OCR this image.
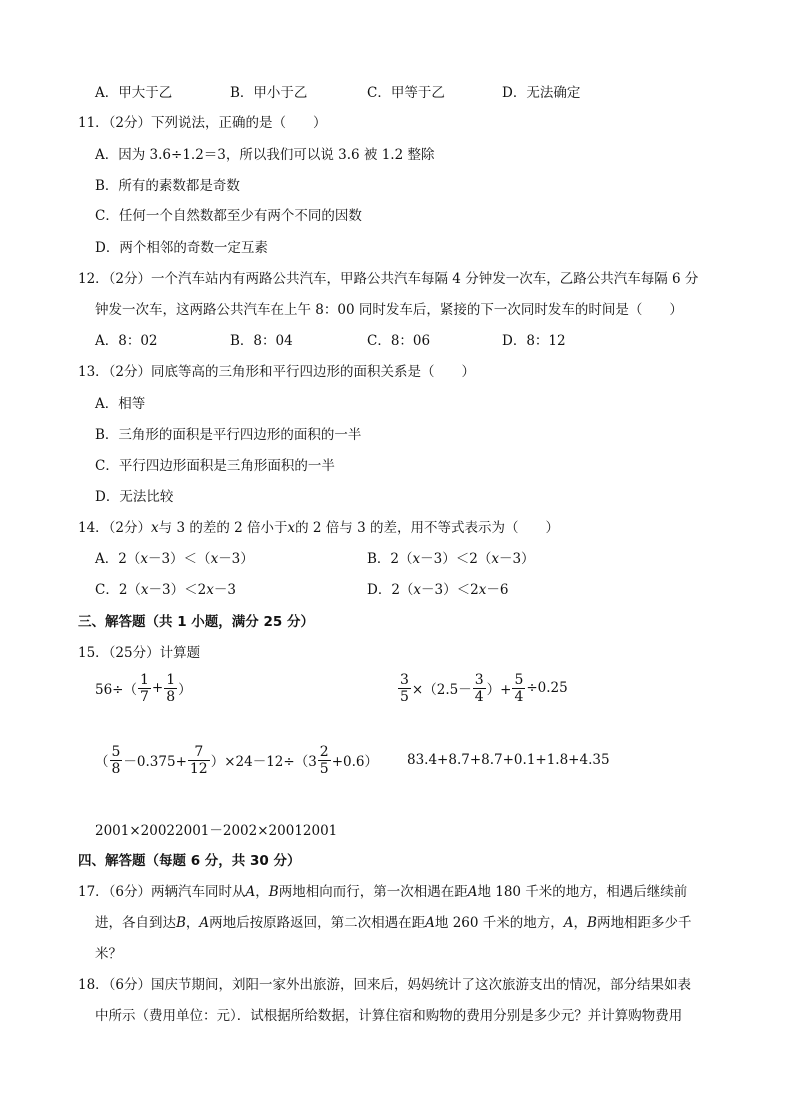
A．甲大于乙	B．甲小于乙	C．甲等于乙	D．无法确定
11．（2分）下列说法，正确的是（　　）
A．因为 3.6÷1.2＝3，所以我们可以说 3.6 被 1.2 整除
B．所有的素数都是奇数
C．任何一个自然数都至少有两个不同的因数
D．两个相邻的奇数一定互素
12．（2分）一个汽车站内有两路公共汽车，甲路公共汽车每隔 4 分钟发一次车，乙路公共汽车每隔 6 分
钟发一次车，这两路公共汽车在上午 8：00 同时发车后，紧接的下一次同时发车的时间是（　　）
A．8：02	B．8：04	C．8：06	D．8：12
13．（2分）同底等高的三角形和平行四边形的面积关系是（　　）
A．相等
B．三角形的面积是平行四边形的面积的一半
C．平行四边形面积是三角形面积的一半
D．无法比较
14．（2分）x与 3 的差的 2 倍小于x的 2 倍与 3 的差，用不等式表示为（　　）
A．2（x－3）＜（x－3）	B．2（x－3）＜2（x－3）
C．2（x－3）＜2x－3	D．2（x－3）＜2x－6
三、解答题（共 1 小题，满分 25 分）
15．（25分）计算题
$56\div( \frac{1}{7} + \frac{1}{8}$ ）	$\frac{3}{5} \times(2.5- \frac{3}{4}$ ）+ $\frac{5}{4} \div 0.25$
（ $\frac{5}{8} -0.375+ \frac{7}{12} )\times 24-12\div(3 \frac{2}{5} +0.6)$ 83.4+8.7+8.7+0.1+1.8+4.35
2001×20022001－2002×20012001
四、解答题（每题 6 分，共 30 分）
17．（6分）两辆汽车同时从A，B两地相向而行，第一次相遇在距A地 180 千米的地方，相遇后继续前
进，各自到达B，A两地后按原路返回，第二次相遇在距A地 260 千米的地方，A，B两地相距多少千
米？
18．（6分）国庆节期间，刘阳一家外出旅游，回来后，妈妈统计了这次旅游支出的情况，部分结果如表
中所示（费用单位：元）．试根据所给数据，计算住宿和购物的费用分别是多少元？并计算购物费用
